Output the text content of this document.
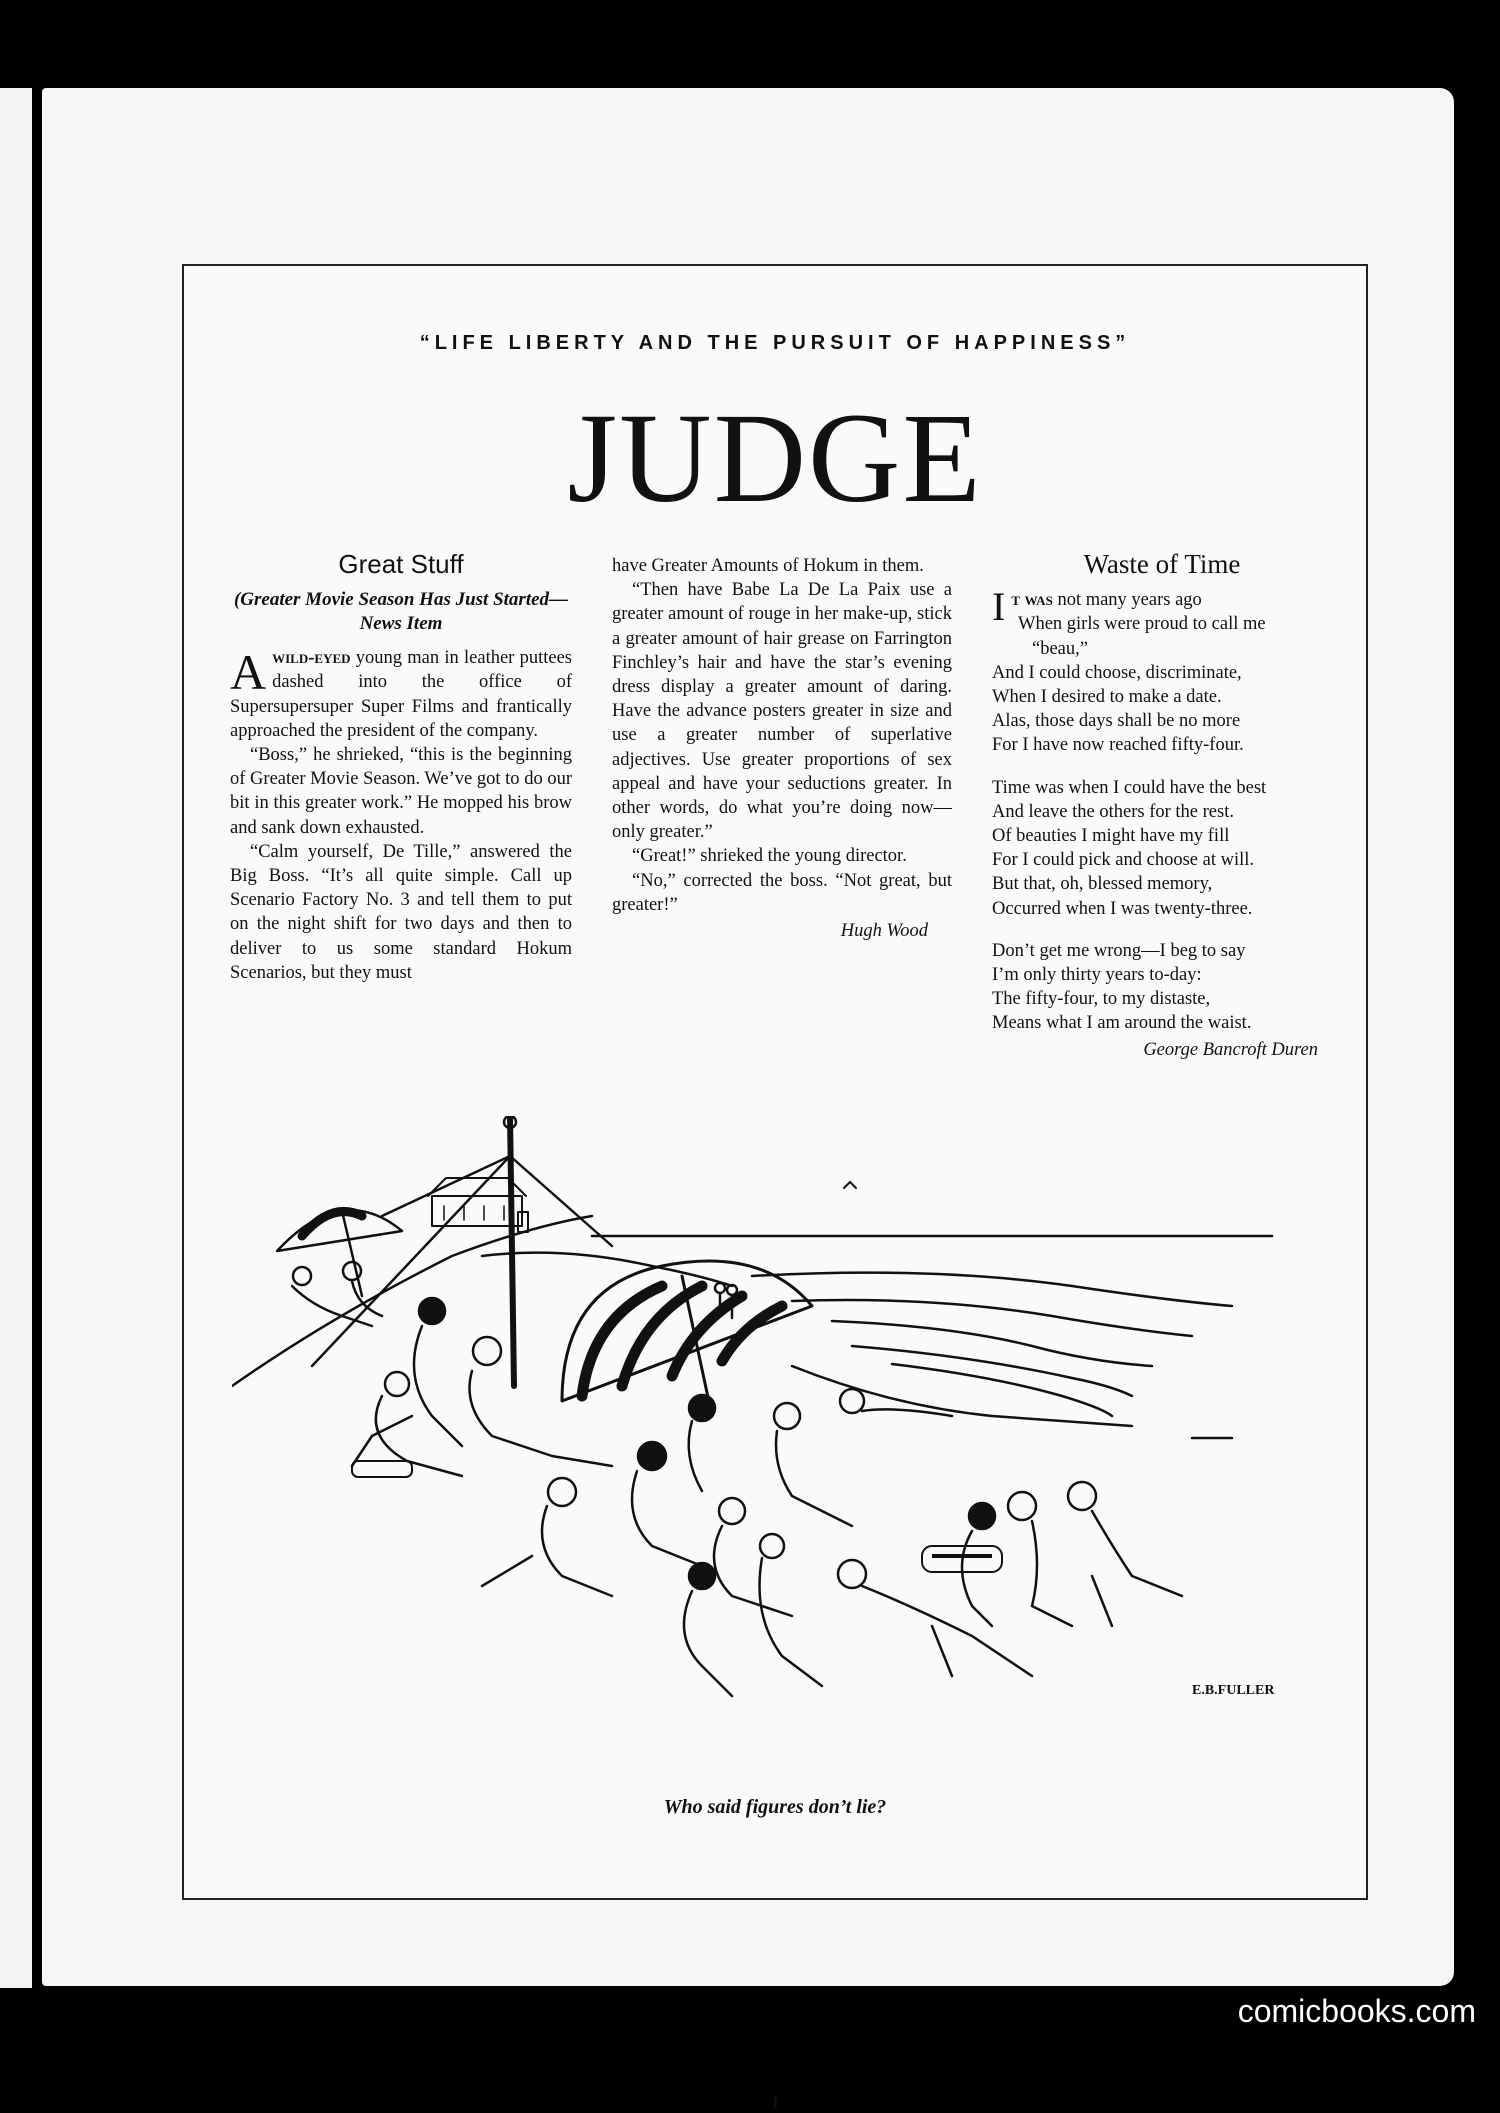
“LIFE LIBERTY AND THE PURSUIT OF HAPPINESS”
JUDGE
Great Stuff
(Greater Movie Season Has Just Started—News Item

Awild-eyed young man in leather puttees dashed into the office of Supersupersuper Super Films and frantically approached the president of the company.

“Boss,” he shrieked, “this is the beginning of Greater Movie Season. We’ve got to do our bit in this greater work.” He mopped his brow and sank down exhausted.

“Calm yourself, De Tille,” answered the Big Boss. “It’s all quite simple. Call up Scenario Factory No. 3 and tell them to put on the night shift for two days and then to deliver to us some standard Hokum Scenarios, but they must

have Greater Amounts of Hokum in them.

“Then have Babe La De La Paix use a greater amount of rouge in her make-up, stick a greater amount of hair grease on Farrington Finchley’s hair and have the star’s evening dress display a greater amount of daring. Have the advance posters greater in size and use a greater number of superlative adjectives. Use greater proportions of sex appeal and have your seductions greater. In other words, do what you’re doing now—only greater.”

“Great!” shrieked the young director.

“No,” corrected the boss. “Not great, but greater!”

Hugh Wood
Waste of Time
It was not many years ago
When girls were proud to call me
“beau,”
And I could choose, discriminate,
When I desired to make a date.
Alas, those days shall be no more
For I have now reached fifty-four.
Time was when I could have the best
And leave the others for the rest.
Of beauties I might have my fill
For I could pick and choose at will.
But that, oh, blessed memory,
Occurred when I was twenty-three.
Don’t get me wrong—I beg to say
I’m only thirty years to-day:
The fifty-four, to my distaste,
Means what I am around the waist.
George Bancroft Duren
E.B.FULLER
Who said figures don’t lie?
1
comicbooks.com
